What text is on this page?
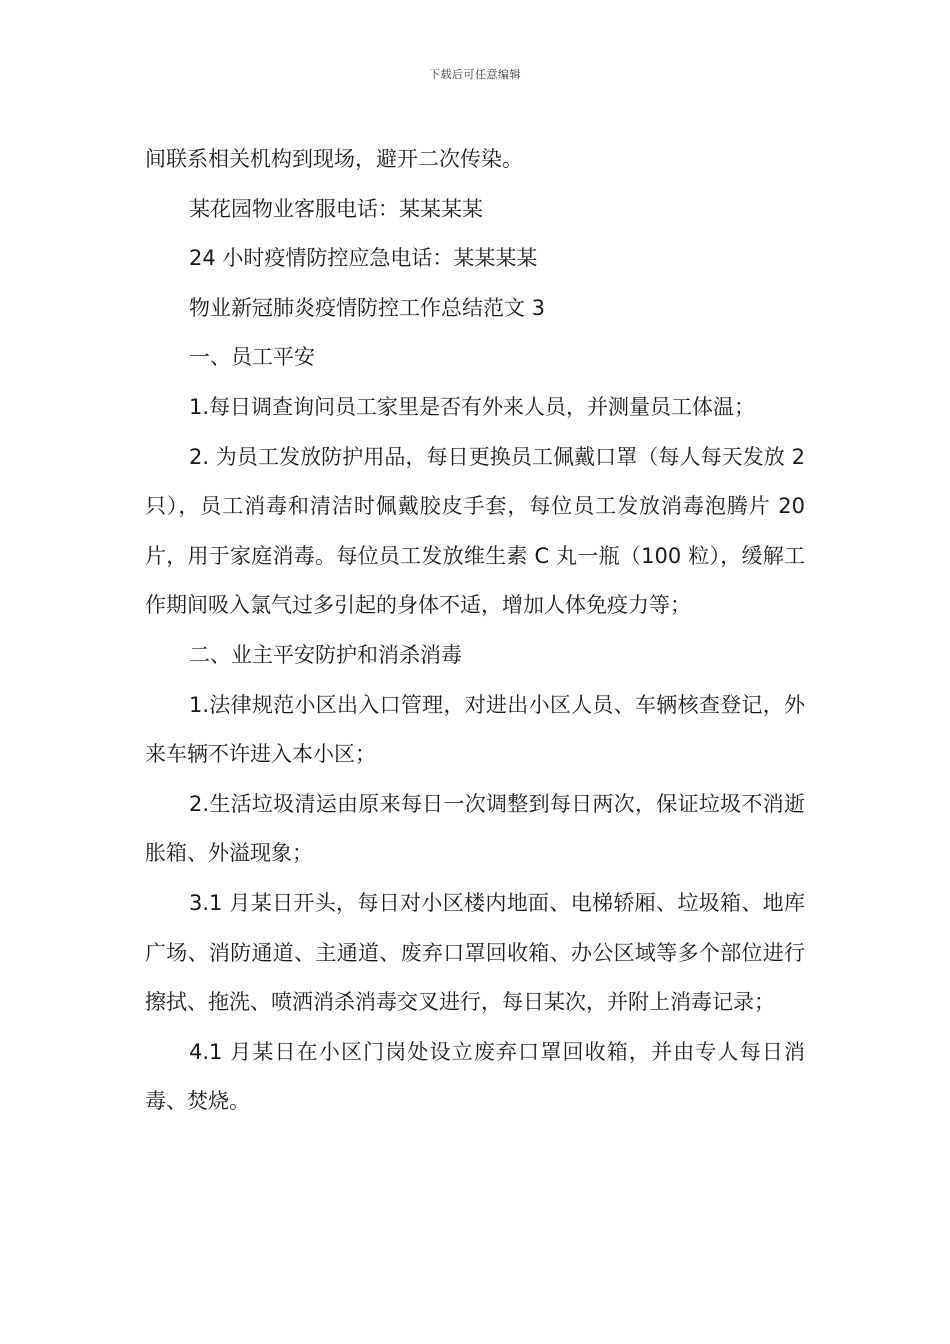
下载后可任意编辑

间联系相关机构到现场，避开二次传染。

某花园物业客服电话：某某某某

24 小时疫情防控应急电话：某某某某

物业新冠肺炎疫情防控工作总结范文 3

一、员工平安

1.每日调查询问员工家里是否有外来人员，并测量员工体温；

2. 为员工发放防护用品，每日更换员工佩戴口罩（每人每天发放 2 只），员工消毒和清洁时佩戴胶皮手套，每位员工发放消毒泡腾片 20 片，用于家庭消毒。每位员工发放维生素 C 丸一瓶（100 粒），缓解工作期间吸入氯气过多引起的身体不适，增加人体免疫力等；

二、业主平安防护和消杀消毒

1.法律规范小区出入口管理，对进出小区人员、车辆核查登记，外来车辆不许进入本小区；

2.生活垃圾清运由原来每日一次调整到每日两次，保证垃圾不消逝胀箱、外溢现象；

3.1 月某日开头，每日对小区楼内地面、电梯轿厢、垃圾箱、地库广场、消防通道、主通道、废弃口罩回收箱、办公区域等多个部位进行擦拭、拖洗、喷洒消杀消毒交叉进行，每日某次，并附上消毒记录；

4.1 月某日在小区门岗处设立废弃口罩回收箱，并由专人每日消毒、焚烧。
